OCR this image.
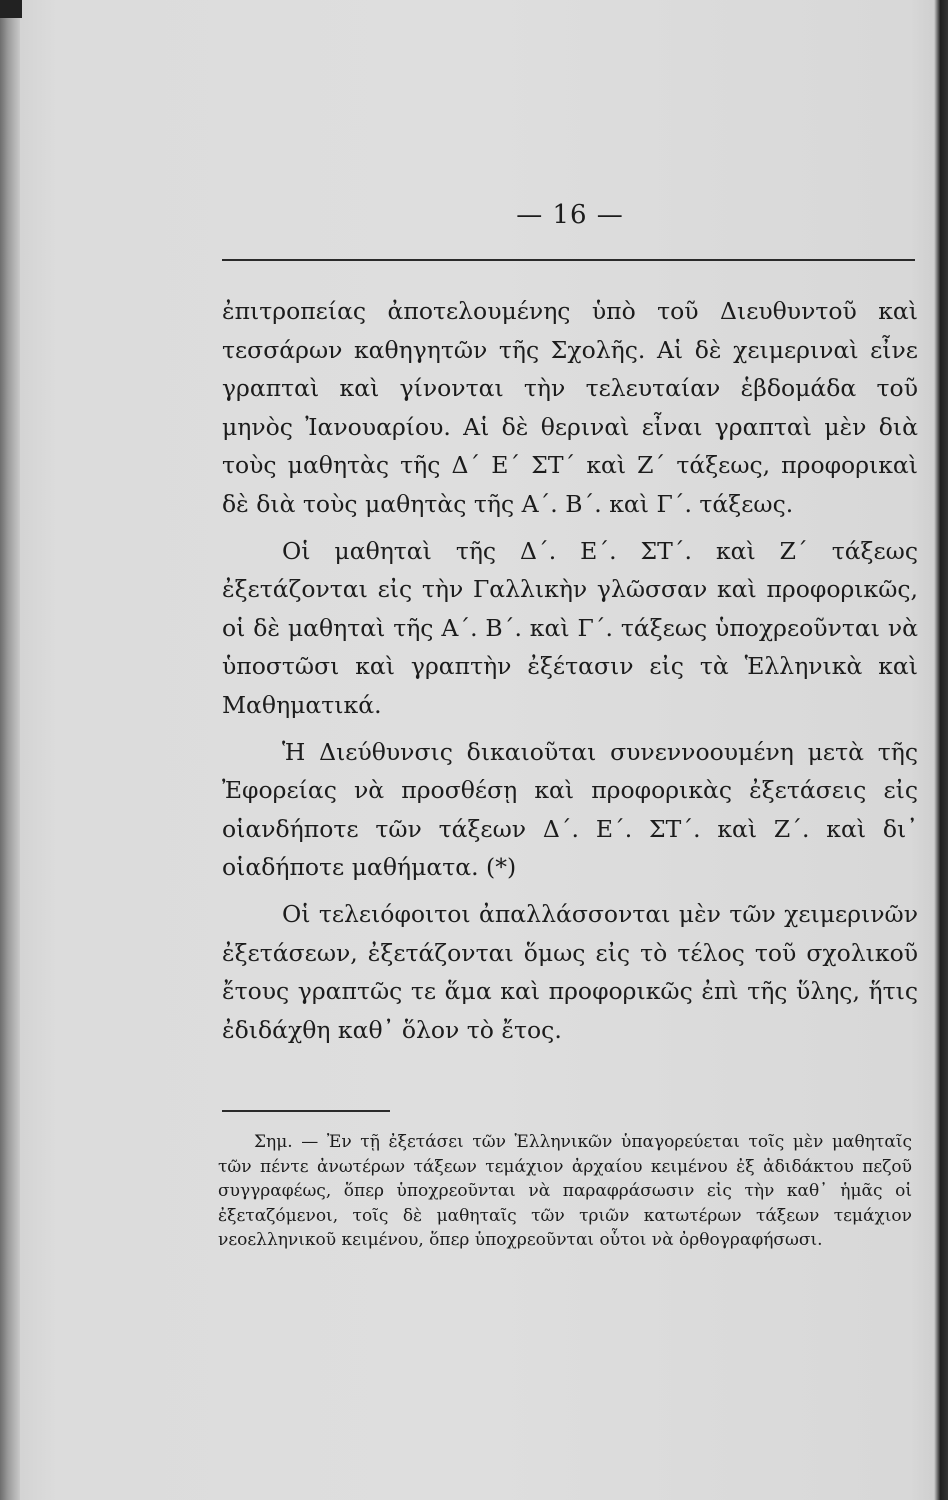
— 16 —

ἐπιτροπείας ἀποτελουμένης ὑπὸ τοῦ Διευθυντοῦ καὶ τεσσάρων καθηγητῶν τῆς Σχολῆς. Αἱ δὲ χειμεριναὶ εἶνε γραπταὶ καὶ γίνονται τὴν τελευταίαν ἑβδομάδα τοῦ μηνὸς Ἰανουαρίου. Αἱ δὲ θεριναὶ εἶναι γραπταὶ μὲν διὰ τοὺς μαθητὰς τῆς Δ΄ Ε΄ ΣΤ΄ καὶ Ζ΄ τάξεως, προφορικαὶ δὲ διὰ τοὺς μαθητὰς τῆς Α΄. Β΄. καὶ Γ΄. τάξεως.

Οἱ μαθηταὶ τῆς Δ΄. Ε΄. ΣΤ΄. καὶ Ζ΄ τάξεως ἐξετάζονται εἰς τὴν Γαλλικὴν γλῶσσαν καὶ προφορικῶς, οἱ δὲ μαθηταὶ τῆς Α΄. Β΄. καὶ Γ΄. τάξεως ὑποχρεοῦνται νὰ ὑποστῶσι καὶ γραπτὴν ἐξέτασιν εἰς τὰ Ἑλληνικὰ καὶ Μαθηματικά.

Ἡ Διεύθυνσις δικαιοῦται συνεννοουμένη μετὰ τῆς Ἐφορείας νὰ προσθέσῃ καὶ προφορικὰς ἐξετάσεις εἰς οἱανδήποτε τῶν τάξεων Δ΄. Ε΄. ΣΤ΄. καὶ Ζ΄. καὶ δι᾽ οἱαδήποτε μαθήματα. (*)

Οἱ τελειόφοιτοι ἀπαλλάσσονται μὲν τῶν χειμερινῶν ἐξετάσεων, ἐξετάζονται ὅμως εἰς τὸ τέλος τοῦ σχολικοῦ ἔτους γραπτῶς τε ἅμα καὶ προφορικῶς ἐπὶ τῆς ὕλης, ἥτις ἐδιδάχθη καθ᾽ ὅλον τὸ ἔτος.

Σημ. — Ἐν τῇ ἐξετάσει τῶν Ἑλληνικῶν ὑπαγορεύεται τοῖς μὲν μαθηταῖς τῶν πέντε ἀνωτέρων τάξεων τεμάχιον ἀρχαίου κειμένου ἐξ ἀδιδάκτου πεζοῦ συγγραφέως, ὅπερ ὑποχρεοῦνται νὰ παραφράσωσιν εἰς τὴν καθ᾽ ἡμᾶς οἱ ἐξεταζόμενοι, τοῖς δὲ μαθηταῖς τῶν τριῶν κατωτέρων τάξεων τεμάχιον νεοελληνικοῦ κειμένου, ὅπερ ὑποχρεοῦνται οὗτοι νὰ ὀρθογραφήσωσι.
